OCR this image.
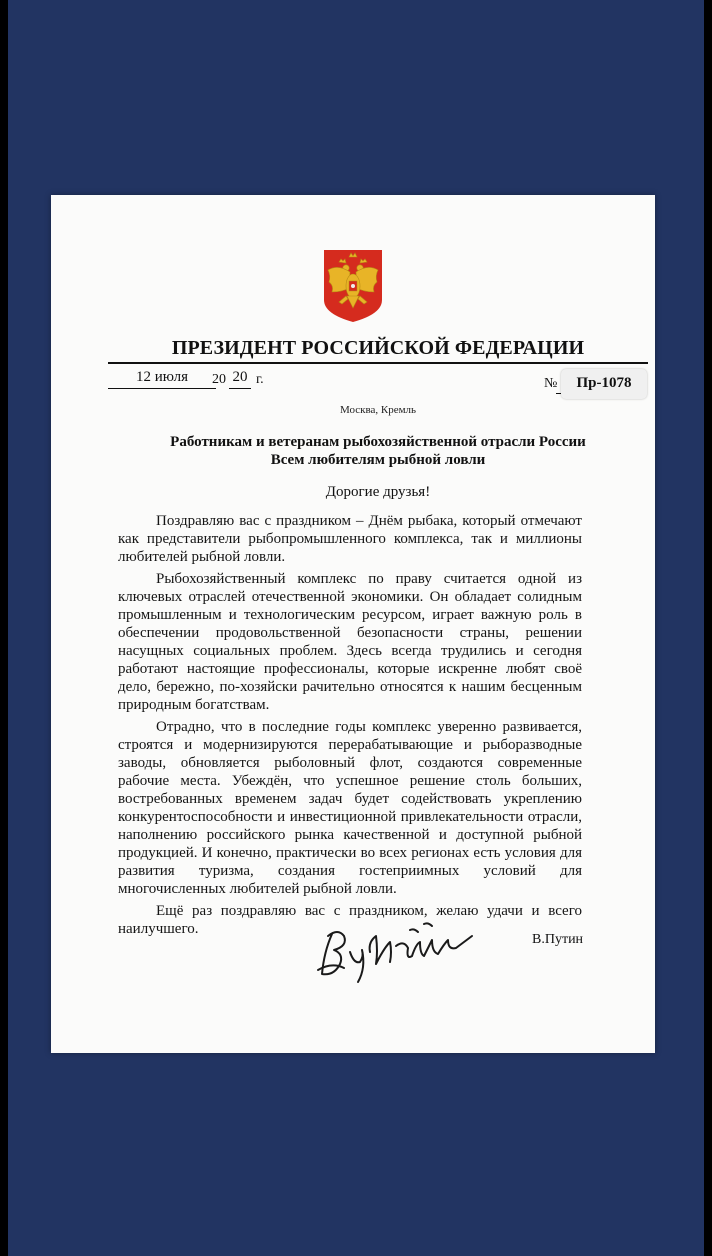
ПРЕЗИДЕНТ РОССИЙСКОЙ ФЕДЕРАЦИИ
12 июля	20 20 г.	№	Пр-1078
Москва, Кремль
Работникам и ветеранам рыбохозяйственной отрасли России
Всем любителям рыбной ловли
Дорогие друзья!

Поздравляю вас с праздником – Днём рыбака, который отмечают как представители рыбопромышленного комплекса, так и миллионы любителей рыбной ловли.

Рыбохозяйственный комплекс по праву считается одной из ключевых отраслей отечественной экономики. Он обладает солидным промышленным и технологическим ресурсом, играет важную роль в обеспечении продовольственной безопасности страны, решении насущных социальных проблем. Здесь всегда трудились и сегодня работают настоящие профессионалы, которые искренне любят своё дело, бережно, по-хозяйски рачительно относятся к нашим бесценным природным богатствам.

Отрадно, что в последние годы комплекс уверенно развивается, строятся и модернизируются перерабатывающие и рыборазводные заводы, обновляется рыболовный флот, создаются современные рабочие места. Убеждён, что успешное решение столь больших, востребованных временем задач будет содействовать укреплению конкурентоспособности и инвестиционной привлекательности отрасли, наполнению российского рынка качественной и доступной рыбной продукцией. И конечно, практически во всех регионах есть условия для развития туризма, создания гостеприимных условий для многочисленных любителей рыбной ловли.

Ещё раз поздравляю вас с праздником, желаю удачи и всего наилучшего.

В.Путин
